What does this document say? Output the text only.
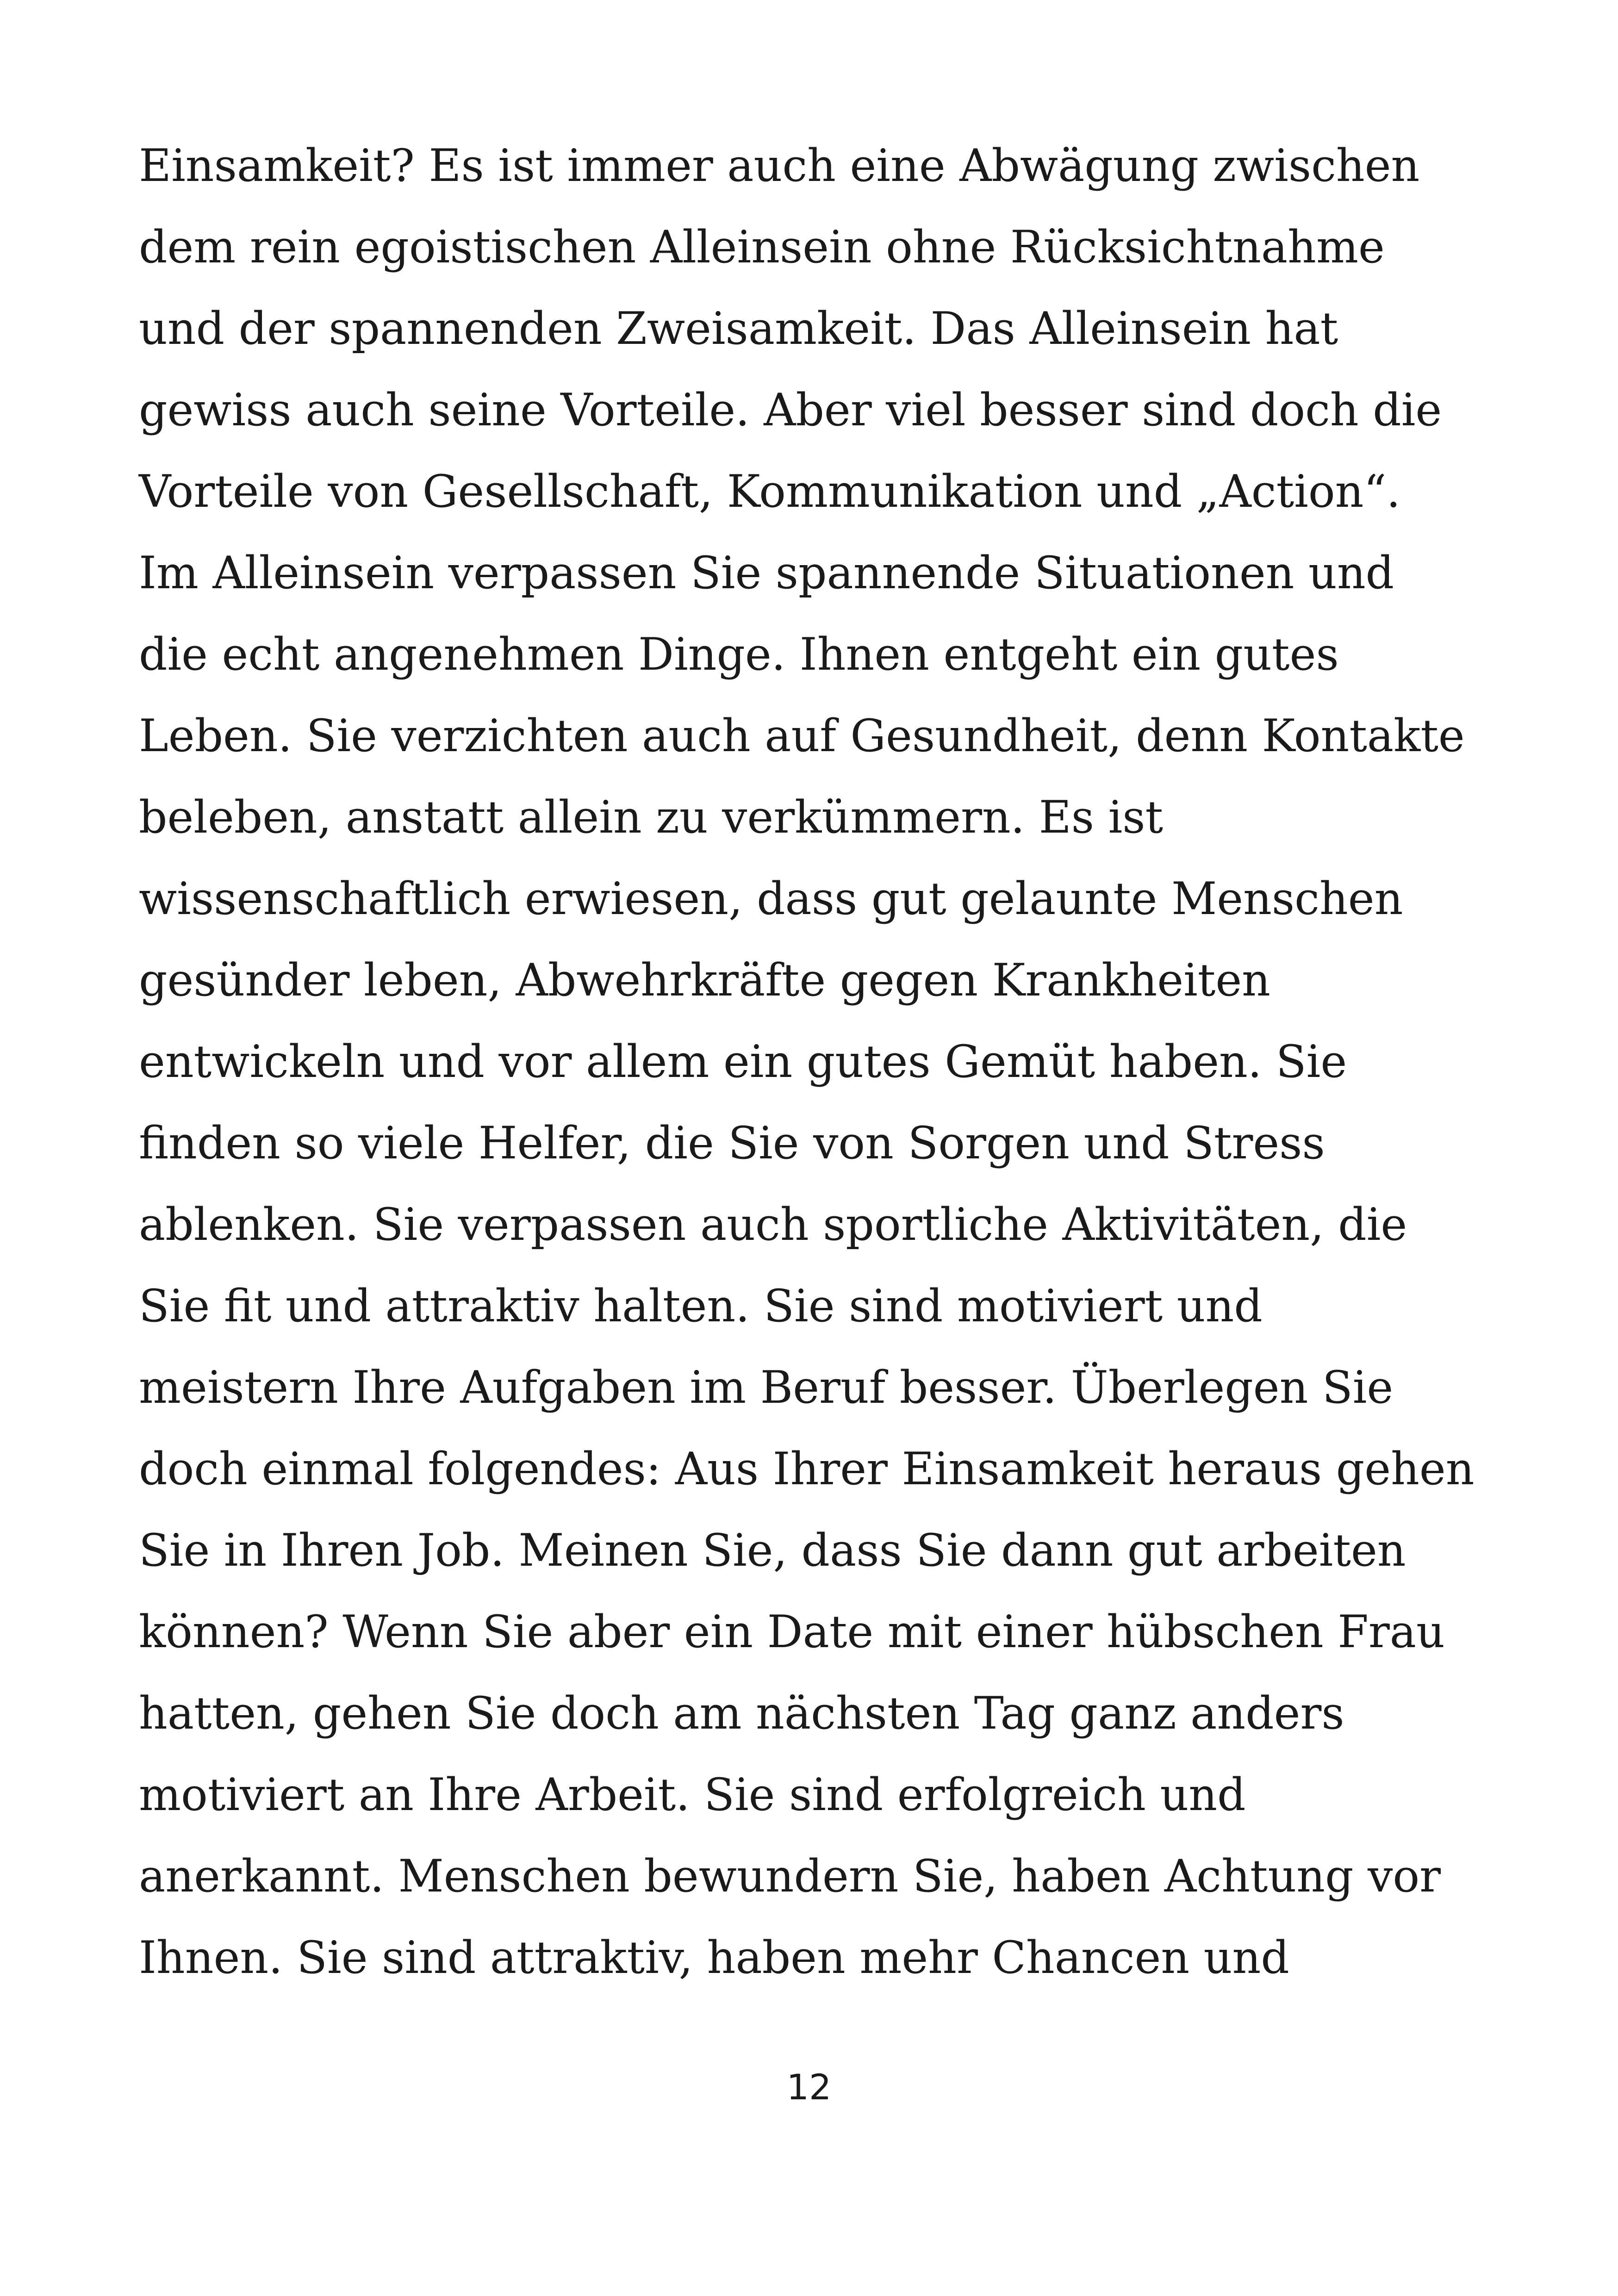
Einsamkeit? Es ist immer auch eine Abwägung zwischen
dem rein egoistischen Alleinsein ohne Rücksichtnahme
und der spannenden Zweisamkeit. Das Alleinsein hat
gewiss auch seine Vorteile. Aber viel besser sind doch die
Vorteile von Gesellschaft, Kommunikation und „Action“.
Im Alleinsein verpassen Sie spannende Situationen und
die echt angenehmen Dinge. Ihnen entgeht ein gutes
Leben. Sie verzichten auch auf Gesundheit, denn Kontakte
beleben, anstatt allein zu verkümmern. Es ist
wissenschaftlich erwiesen, dass gut gelaunte Menschen
gesünder leben, Abwehrkräfte gegen Krankheiten
entwickeln und vor allem ein gutes Gemüt haben. Sie
finden so viele Helfer, die Sie von Sorgen und Stress
ablenken. Sie verpassen auch sportliche Aktivitäten, die
Sie fit und attraktiv halten. Sie sind motiviert und
meistern Ihre Aufgaben im Beruf besser. Überlegen Sie
doch einmal folgendes: Aus Ihrer Einsamkeit heraus gehen
Sie in Ihren Job. Meinen Sie, dass Sie dann gut arbeiten
können? Wenn Sie aber ein Date mit einer hübschen Frau
hatten, gehen Sie doch am nächsten Tag ganz anders
motiviert an Ihre Arbeit. Sie sind erfolgreich und
anerkannt. Menschen bewundern Sie, haben Achtung vor
Ihnen. Sie sind attraktiv, haben mehr Chancen und
12
